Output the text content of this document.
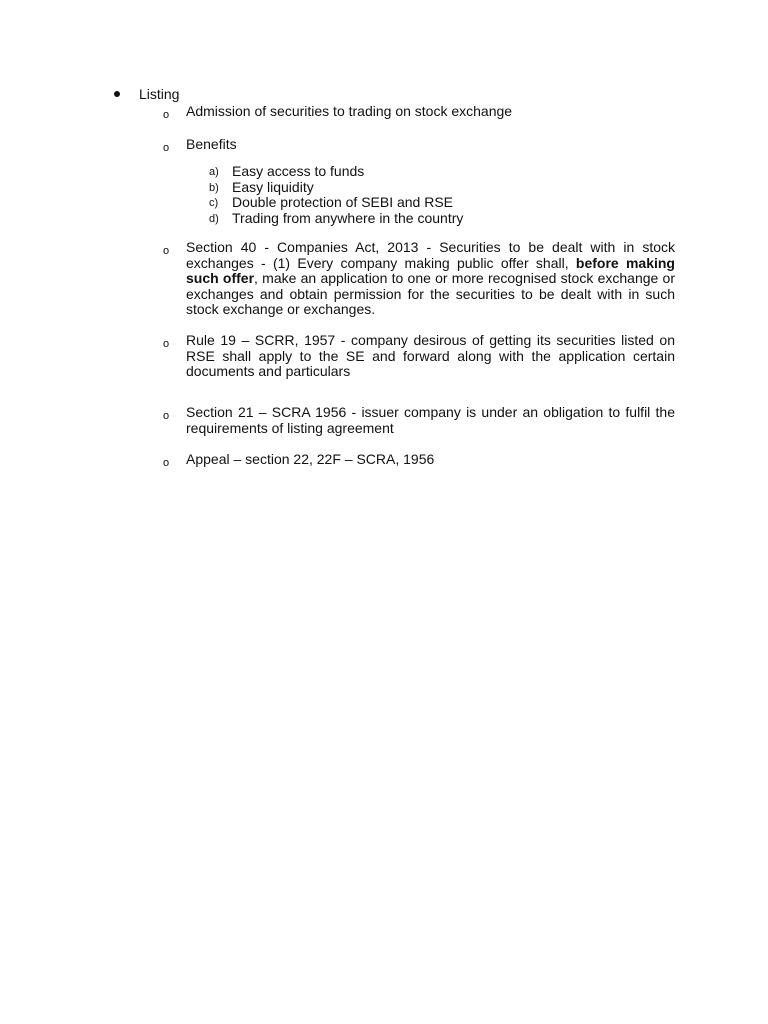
Listing
o Admission of securities to trading on stock exchange
o Benefits
a) Easy access to funds
b) Easy liquidity
c) Double protection of SEBI and RSE
d) Trading from anywhere in the country
o Section 40 - Companies Act, 2013 - Securities to be dealt with in stock exchanges - (1) Every company making public offer shall, before making such offer, make an application to one or more recognised stock exchange or exchanges and obtain permission for the securities to be dealt with in such stock exchange or exchanges.
o Rule 19 – SCRR, 1957 - company desirous of getting its securities listed on RSE shall apply to the SE and forward along with the application certain documents and particulars
o Section 21 – SCRA 1956 - issuer company is under an obligation to fulfil the requirements of listing agreement
o Appeal – section 22, 22F – SCRA, 1956
